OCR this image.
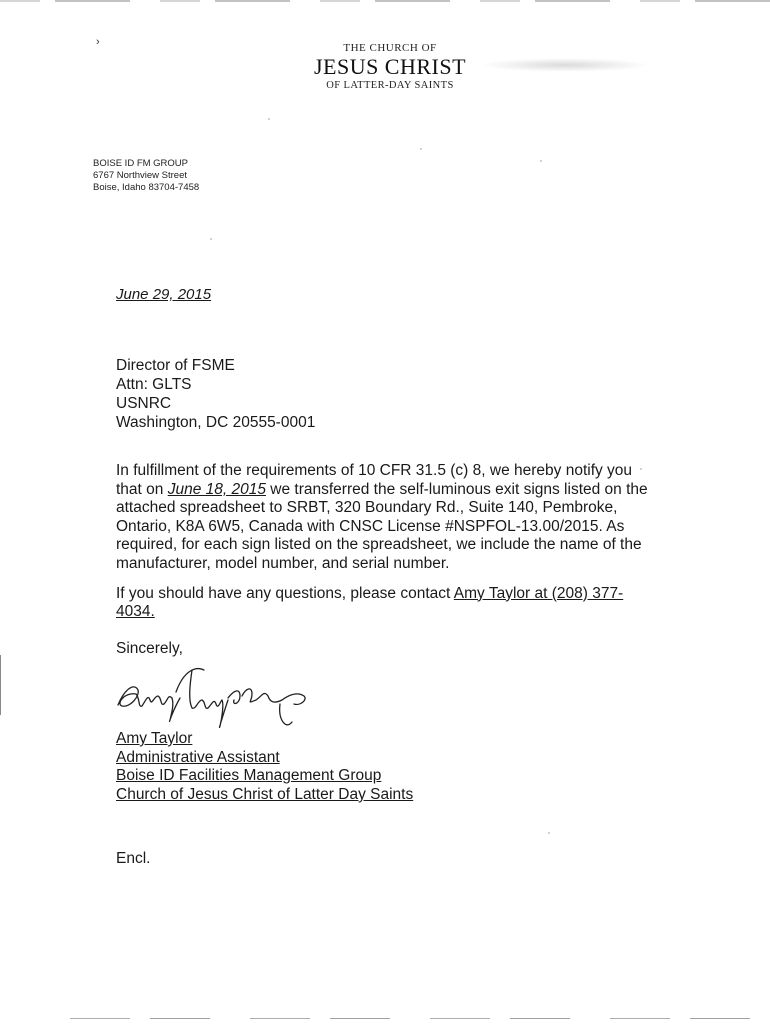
›	THE CHURCH OF
JESUS CHRIST
OF LATTER-DAY SAINTS
BOISE ID FM GROUP
6767 Northview Street
Boise, Idaho 83704-7458
June 29, 2015
Director of FSME
Attn: GLTS
USNRC
Washington, DC 20555-0001

In fulfillment of the requirements of 10 CFR 31.5 (c) 8, we hereby notify you that on June 18, 2015 we transferred the self-luminous exit signs listed on the attached spreadsheet to SRBT, 320 Boundary Rd., Suite 140, Pembroke, Ontario, K8A 6W5, Canada with CNSC License #NSPFOL-13.00/2015. As required, for each sign listed on the spreadsheet, we include the name of the manufacturer, model number, and serial number.

If you should have any questions, please contact Amy Taylor at (208) 377-4034.

Sincerely,
Amy Taylor
Administrative Assistant
Boise ID Facilities Management Group
Church of Jesus Christ of Latter Day Saints
Encl.
